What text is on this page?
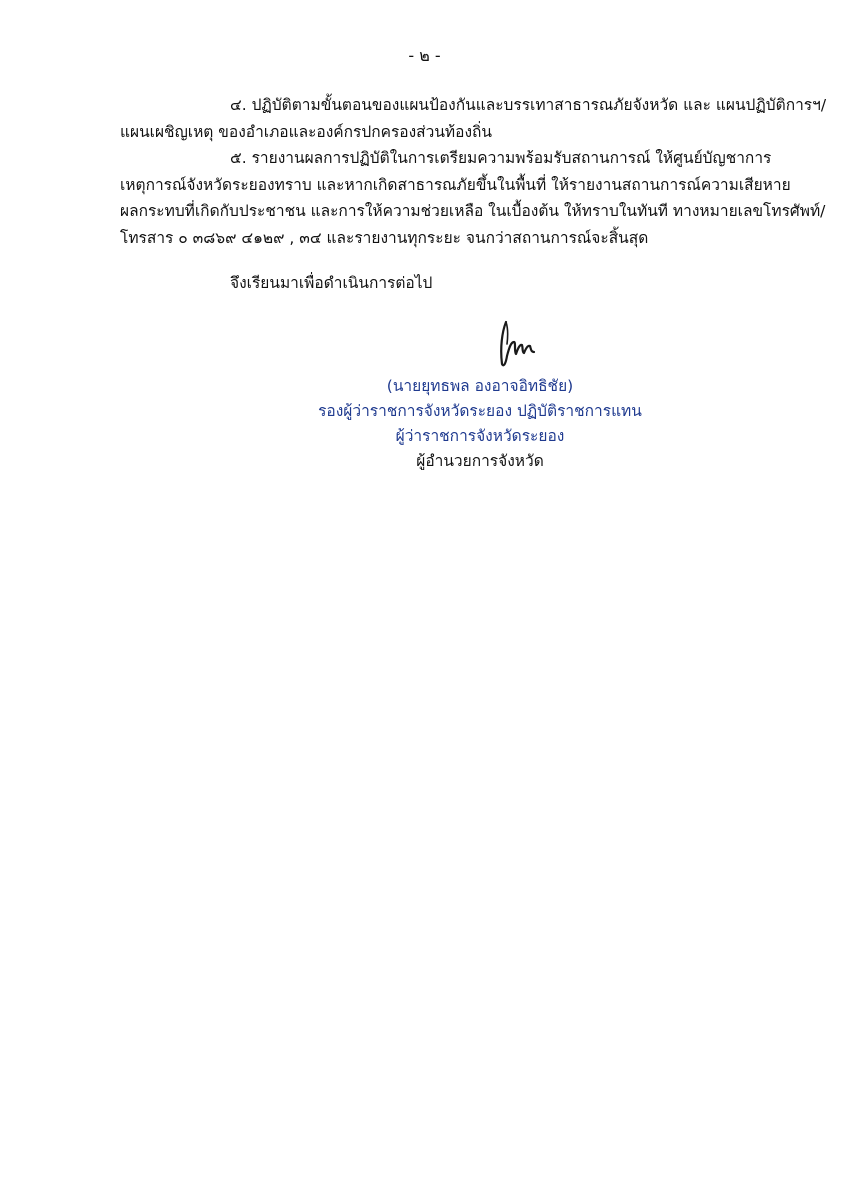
- ๒ -
๔. ปฏิบัติตามขั้นตอนของแผนป้องกันและบรรเทาสาธารณภัยจังหวัด และ แผนปฏิบัติการฯ/
แผนเผชิญเหตุ ของอำเภอและองค์กรปกครองส่วนท้องถิ่น
๕. รายงานผลการปฏิบัติในการเตรียมความพร้อมรับสถานการณ์ ให้ศูนย์บัญชาการ
เหตุการณ์จังหวัดระยองทราบ และหากเกิดสาธารณภัยขึ้นในพื้นที่ ให้รายงานสถานการณ์ความเสียหาย
ผลกระทบที่เกิดกับประชาชน และการให้ความช่วยเหลือ ในเบื้องต้น ให้ทราบในทันที ทางหมายเลขโทรศัพท์/
โทรสาร ๐ ๓๘๖๙ ๔๑๒๙ , ๓๔ และรายงานทุกระยะ จนกว่าสถานการณ์จะสิ้นสุด
จึงเรียนมาเพื่อดำเนินการต่อไป
(นายยุทธพล องอาจอิทธิชัย)
รองผู้ว่าราชการจังหวัดระยอง ปฏิบัติราชการแทน
ผู้ว่าราชการจังหวัดระยอง
ผู้อำนวยการจังหวัด
